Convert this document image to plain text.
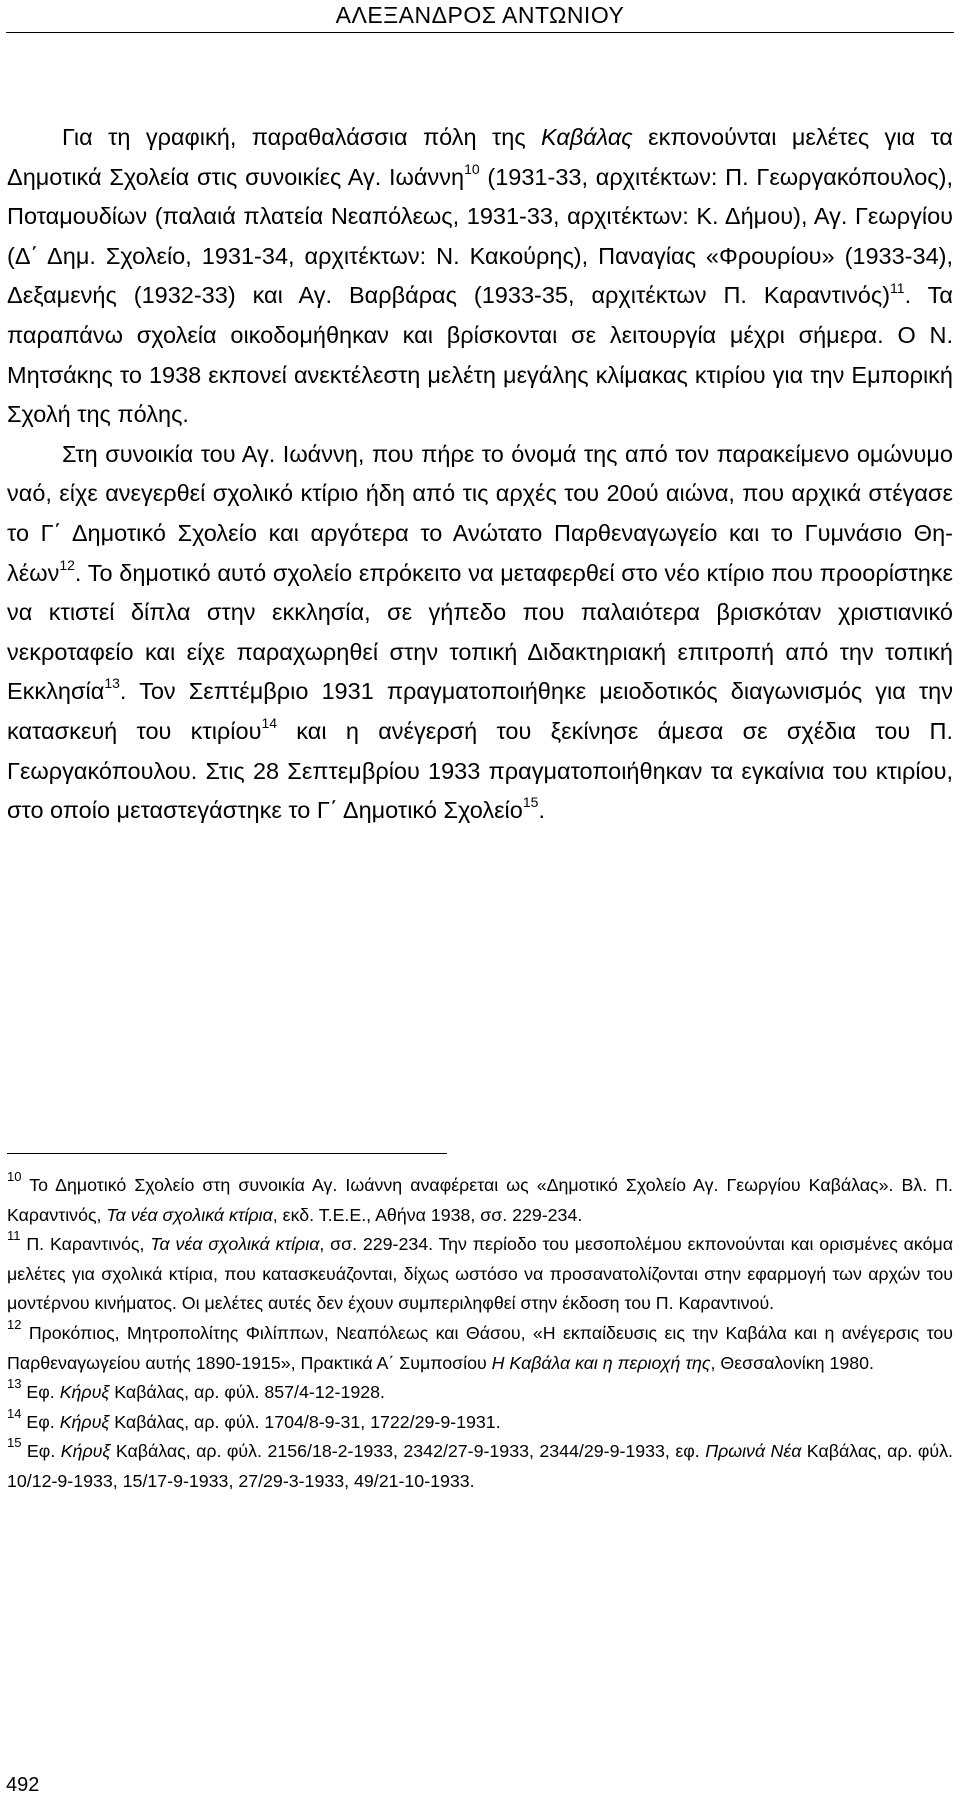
ΑΛΕΞΑΝΔΡΟΣ ΑΝΤΩΝΙΟΥ

Για τη γραφική, παραθαλάσσια πόλη της Καβάλας εκπονούνται μελέτες για τα Δημοτικά Σχολεία στις συνοικίες Αγ. Ιωάννη$^{10}$ (1931-33, αρχιτέκτων: Π. Γεωργακόπουλος), Ποταμουδίων (παλαιά πλατεία Νεαπόλεως, 1931-33, αρχιτέκτων: Κ. Δήμου), Αγ. Γεωργίου (Δ΄ Δημ. Σχολείο, 1931-34, αρχιτέκτων: Ν. Κακούρης), Παναγίας «Φρουρίου» (1933-34), Δεξαμενής (1932-33) και Αγ. Βαρβάρας (1933-35, αρχιτέκτων Π. Καραντινός)$^{11}$. Τα παραπάνω σχολεία οικοδομήθηκαν και βρίσκονται σε λειτουργία μέχρι σήμερα. Ο Ν. Μητσάκης το 1938 εκπονεί ανεκτέλεστη μελέτη μεγάλης κλίμακας κτιρίου για την Εμπορική Σχολή της πόλης.

Στη συνοικία του Αγ. Ιωάννη, που πήρε το όνομά της από τον παρακείμενο ομώνυμο ναό, είχε ανεγερθεί σχολικό κτίριο ήδη από τις αρχές του 20ού αιώνα, που αρχικά στέγασε το Γ΄ Δημοτικό Σχολείο και αργότερα το Ανώτατο Παρθεναγωγείο και το Γυμνάσιο Θηλέων$^{12}$. Το δημοτικό αυτό σχολείο επρόκειτο να μεταφερθεί στο νέο κτίριο που προορίστηκε να κτιστεί δίπλα στην εκκλησία, σε γήπεδο που παλαιότερα βρισκόταν χριστιανικό νεκροταφείο και είχε παραχωρηθεί στην τοπική Διδακτηριακή επιτροπή από την τοπική Εκκλησία$^{13}$. Τον Σεπτέμβριο 1931 πραγματοποιήθηκε μειοδοτικός διαγωνισμός για την κατασκευή του κτιρίου$^{14}$ και η ανέγερσή του ξεκίνησε άμεσα σε σχέδια του Π. Γεωργακόπουλου. Στις 28 Σεπτεμβρίου 1933 πραγματοποιήθηκαν τα εγκαίνια του κτιρίου, στο οποίο μεταστεγάστηκε το Γ΄ Δημοτικό Σχολείο$^{15}$.

$^{10}$ Το Δημοτικό Σχολείο στη συνοικία Αγ. Ιωάννη αναφέρεται ως «Δημοτικό Σχολείο Αγ. Γεωργίου Καβάλας». Βλ. Π. Καραντινός, Τα νέα σχολικά κτίρια, εκδ. Τ.Ε.Ε., Αθήνα 1938, σσ. 229-234.

$^{11}$ Π. Καραντινός, Τα νέα σχολικά κτίρια, σσ. 229-234. Την περίοδο του μεσοπολέμου εκπονούνται και ορισμένες ακόμα μελέτες για σχολικά κτίρια, που κατασκευάζονται, δίχως ωστόσο να προσανατολίζονται στην εφαρμογή των αρχών του μοντέρνου κινήματος. Οι μελέτες αυτές δεν έχουν συμπεριληφθεί στην έκδοση του Π. Καραντινού.

$^{12}$ Προκόπιος, Μητροπολίτης Φιλίππων, Νεαπόλεως και Θάσου, «Η εκπαίδευσις εις την Καβάλα και η ανέγερσις του Παρθεναγωγείου αυτής 1890-1915», Πρακτικά Α΄ Συμποσίου Η Καβάλα και η περιοχή της, Θεσσαλονίκη 1980.

$^{13}$ Εφ. Κήρυξ Καβάλας, αρ. φύλ. 857/4-12-1928.

$^{14}$ Εφ. Κήρυξ Καβάλας, αρ. φύλ. 1704/8-9-31, 1722/29-9-1931.

$^{15}$ Εφ. Κήρυξ Καβάλας, αρ. φύλ. 2156/18-2-1933, 2342/27-9-1933, 2344/29-9-1933, εφ. Πρωινά Νέα Καβάλας, αρ. φύλ. 10/12-9-1933, 15/17-9-1933, 27/29-3-1933, 49/21-10-1933.

492
